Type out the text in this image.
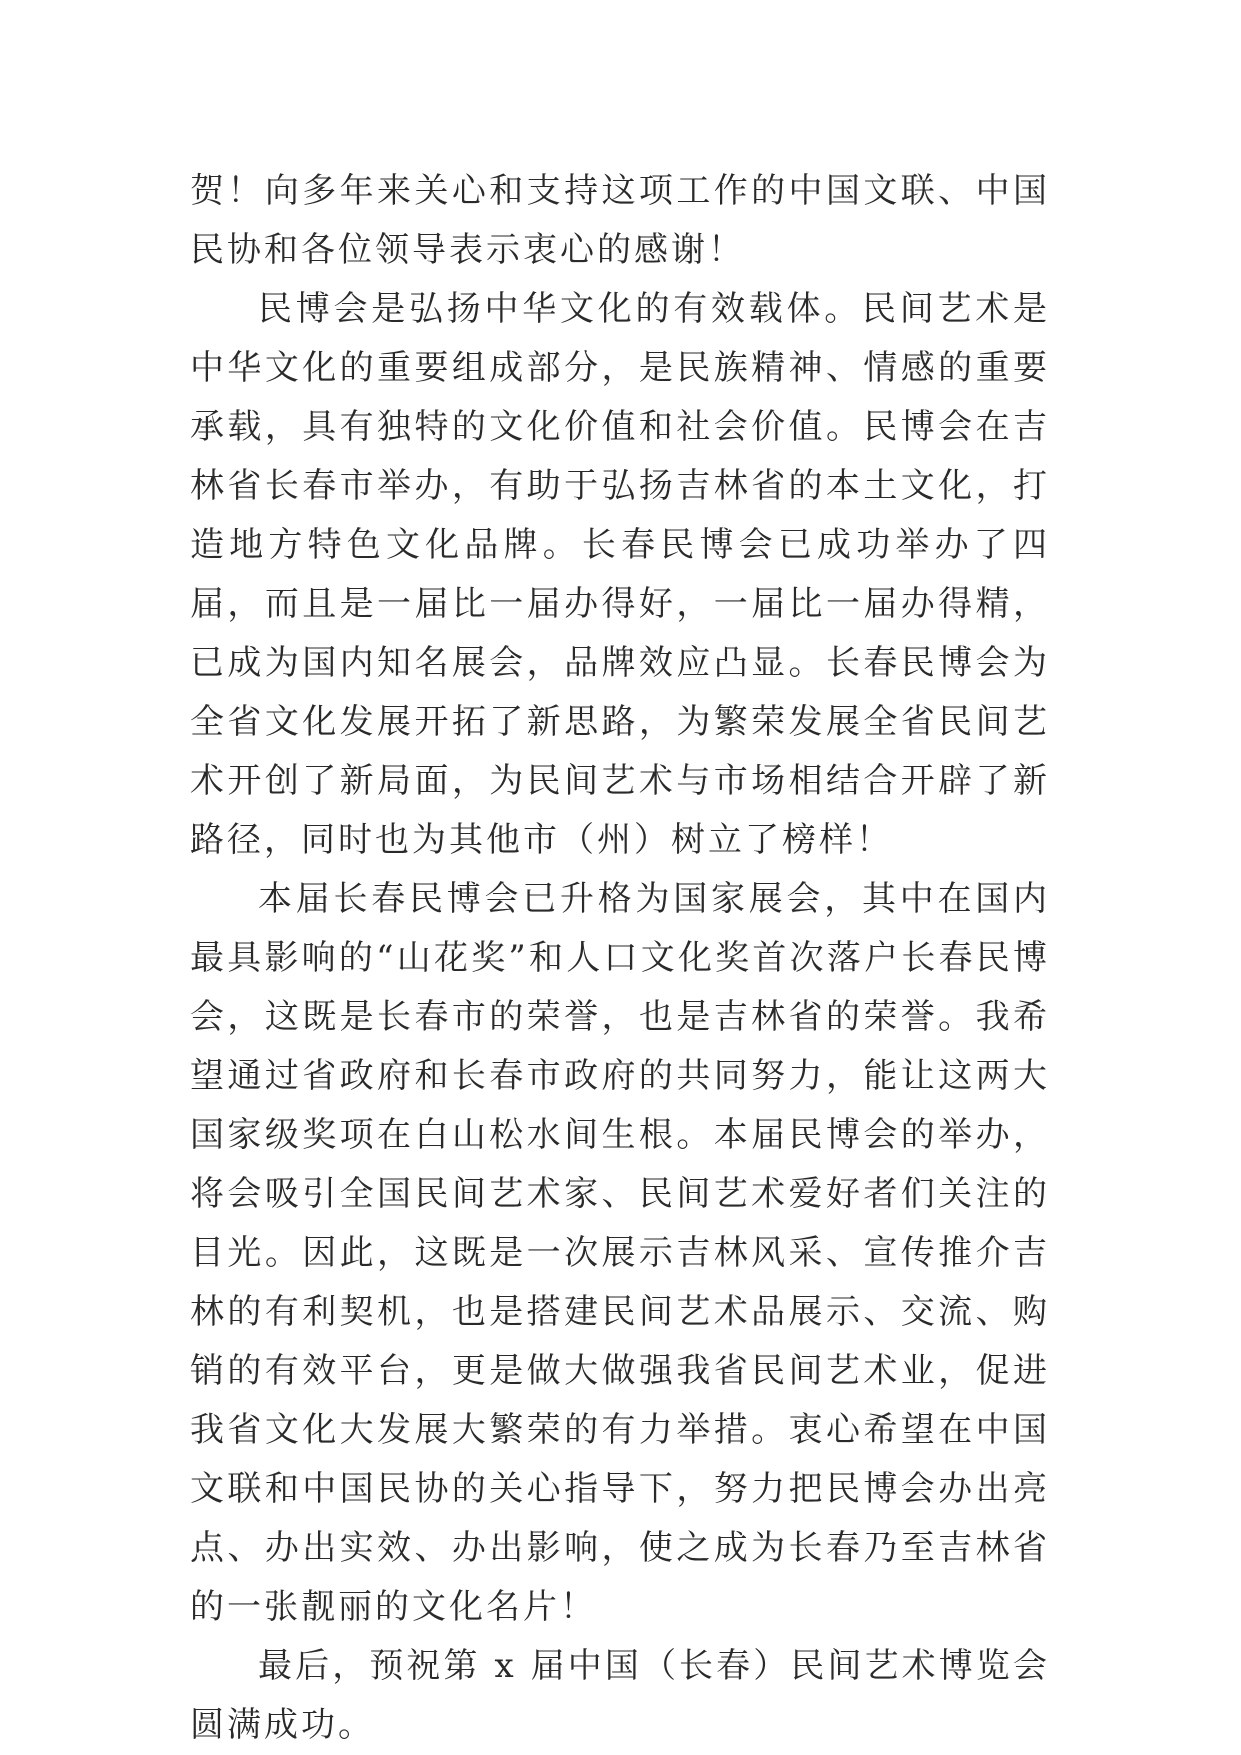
贺！向多年来关心和支持这项工作的中国文联、中国民协和各位领导表示衷心的感谢！

民博会是弘扬中华文化的有效载体。民间艺术是中华文化的重要组成部分，是民族精神、情感的重要承载，具有独特的文化价值和社会价值。民博会在吉林省长春市举办，有助于弘扬吉林省的本土文化，打造地方特色文化品牌。长春民博会已成功举办了四届，而且是一届比一届办得好，一届比一届办得精，已成为国内知名展会，品牌效应凸显。长春民博会为全省文化发展开拓了新思路，为繁荣发展全省民间艺术开创了新局面，为民间艺术与市场相结合开辟了新路径，同时也为其他市（州）树立了榜样！

本届长春民博会已升格为国家展会，其中在国内最具影响的“山花奖”和人口文化奖首次落户长春民博会，这既是长春市的荣誉，也是吉林省的荣誉。我希望通过省政府和长春市政府的共同努力，能让这两大国家级奖项在白山松水间生根。本届民博会的举办，将会吸引全国民间艺术家、民间艺术爱好者们关注的目光。因此，这既是一次展示吉林风采、宣传推介吉林的有利契机，也是搭建民间艺术品展示、交流、购销的有效平台，更是做大做强我省民间艺术业，促进我省文化大发展大繁荣的有力举措。衷心希望在中国文联和中国民协的关心指导下，努力把民博会办出亮点、办出实效、办出影响，使之成为长春乃至吉林省的一张靓丽的文化名片！

最后，预祝第 x 届中国（长春）民间艺术博览会圆满成功。
